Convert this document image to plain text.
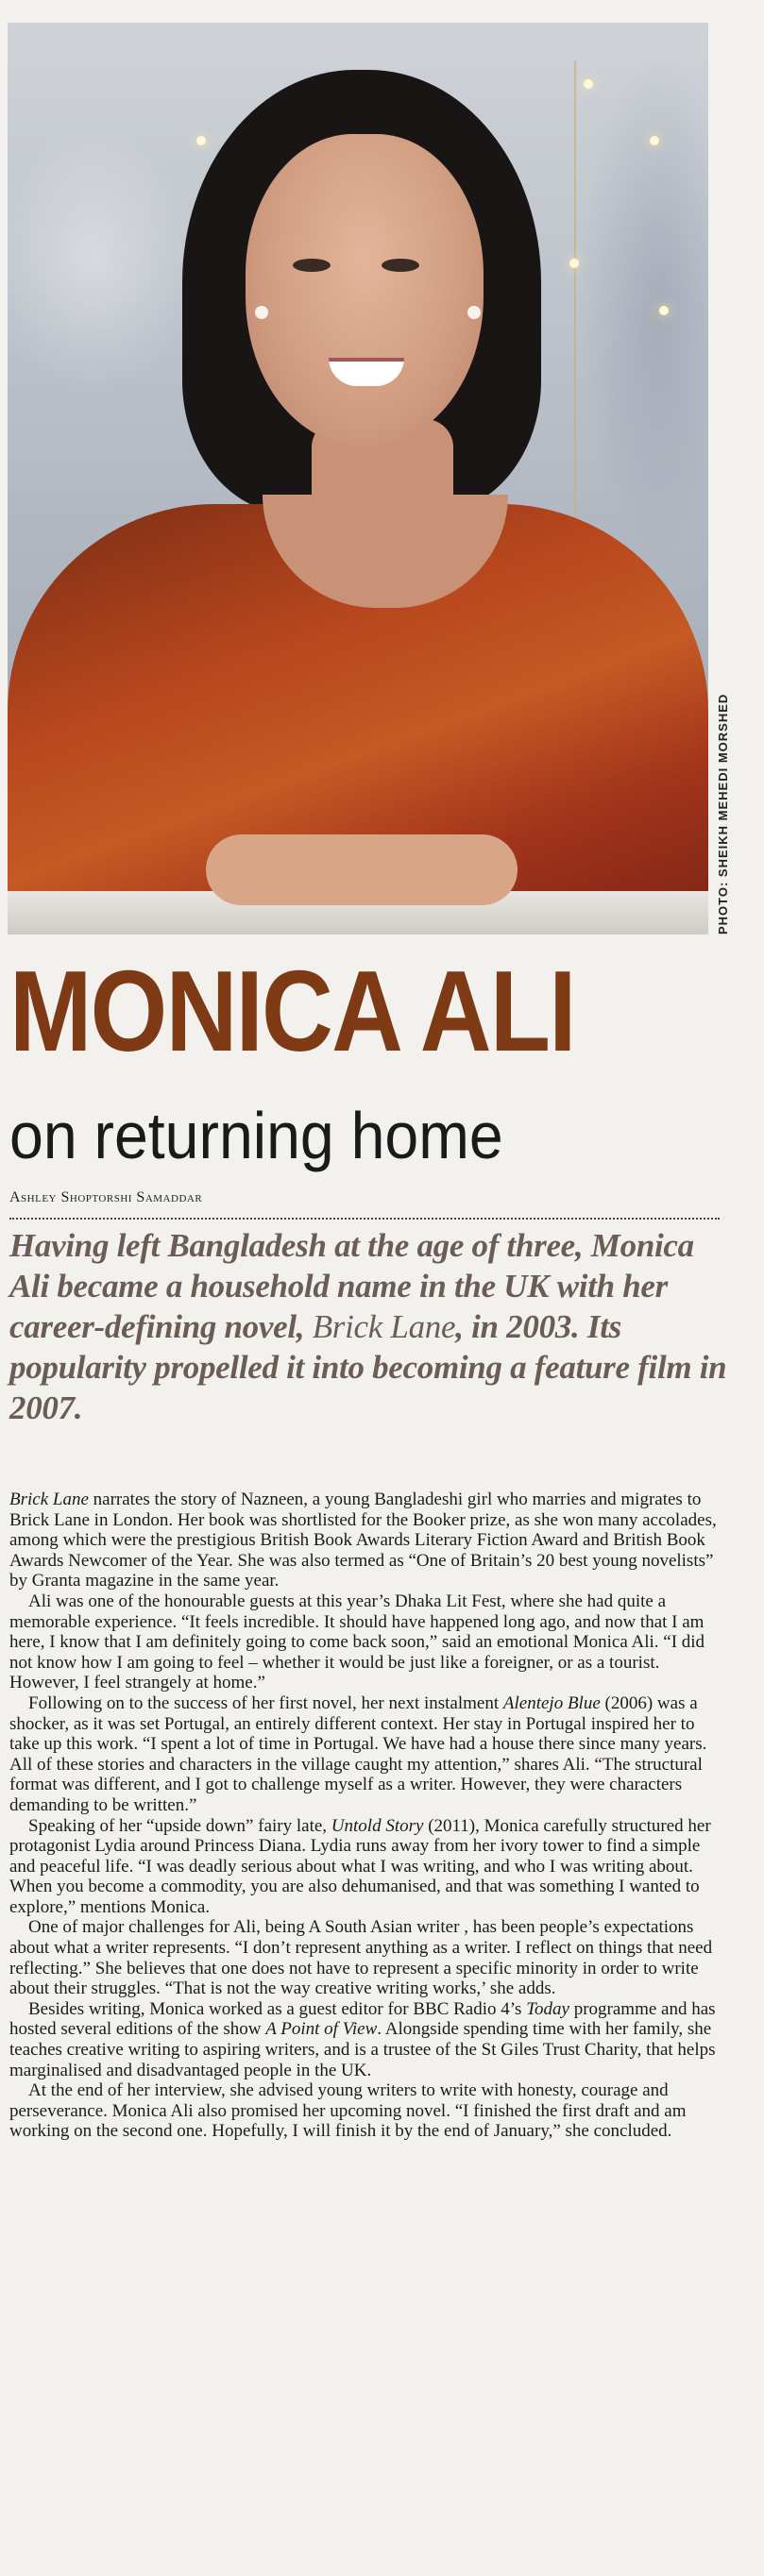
PHOTO: SHEIKH MEHEDI MORSHED
MONICA ALI
on returning home
Ashley Shoptorshi Samaddar
Having left Bangladesh at the age of three, Monica Ali became a household name in the UK with her career-defining novel, Brick Lane, in 2003. Its popularity propelled it into becoming a feature film in 2007.

Brick Lane narrates the story of Nazneen, a young Bangladeshi girl who marries and migrates to Brick Lane in London. Her book was shortlisted for the Booker prize, as she won many accolades, among which were the prestigious British Book Awards Literary Fiction Award and British Book Awards Newcomer of the Year. She was also termed as “One of Britain’s 20 best young novelists” by Granta magazine in the same year.

Ali was one of the honourable guests at this year’s Dhaka Lit Fest, where she had quite a memorable experience. “It feels incredible. It should have happened long ago, and now that I am here, I know that I am definitely going to come back soon,” said an emotional Monica Ali. “I did not know how I am going to feel – whether it would be just like a foreigner, or as a tourist. However, I feel strangely at home.”

Following on to the success of her first novel, her next instalment Alentejo Blue (2006) was a shocker, as it was set Portugal, an entirely different context. Her stay in Portugal inspired her to take up this work. “I spent a lot of time in Portugal. We have had a house there since many years. All of these stories and characters in the village caught my attention,” shares Ali. “The structural format was different, and I got to challenge myself as a writer. However, they were characters demanding to be written.”

Speaking of her “upside down” fairy late, Untold Story (2011), Monica carefully structured her protagonist Lydia around Princess Diana. Lydia runs away from her ivory tower to find a simple and peaceful life. “I was deadly serious about what I was writing, and who I was writing about. When you become a commodity, you are also dehumanised, and that was something I wanted to explore,” mentions Monica.

One of major challenges for Ali, being A South Asian writer , has been people’s expectations about what a writer represents. “I don’t represent anything as a writer. I reflect on things that need reflecting.” She believes that one does not have to represent a specific minority in order to write about their struggles. “That is not the way creative writing works,’ she adds.

Besides writing, Monica worked as a guest editor for BBC Radio 4’s Today programme and has hosted several editions of the show A Point of View. Alongside spending time with her family, she teaches creative writing to aspiring writers, and is a trustee of the St Giles Trust Charity, that helps marginalised and disadvantaged people in the UK.

At the end of her interview, she advised young writers to write with honesty, courage and perseverance. Monica Ali also promised her upcoming novel. “I finished the first draft and am working on the second one. Hopefully, I will finish it by the end of January,” she concluded.
